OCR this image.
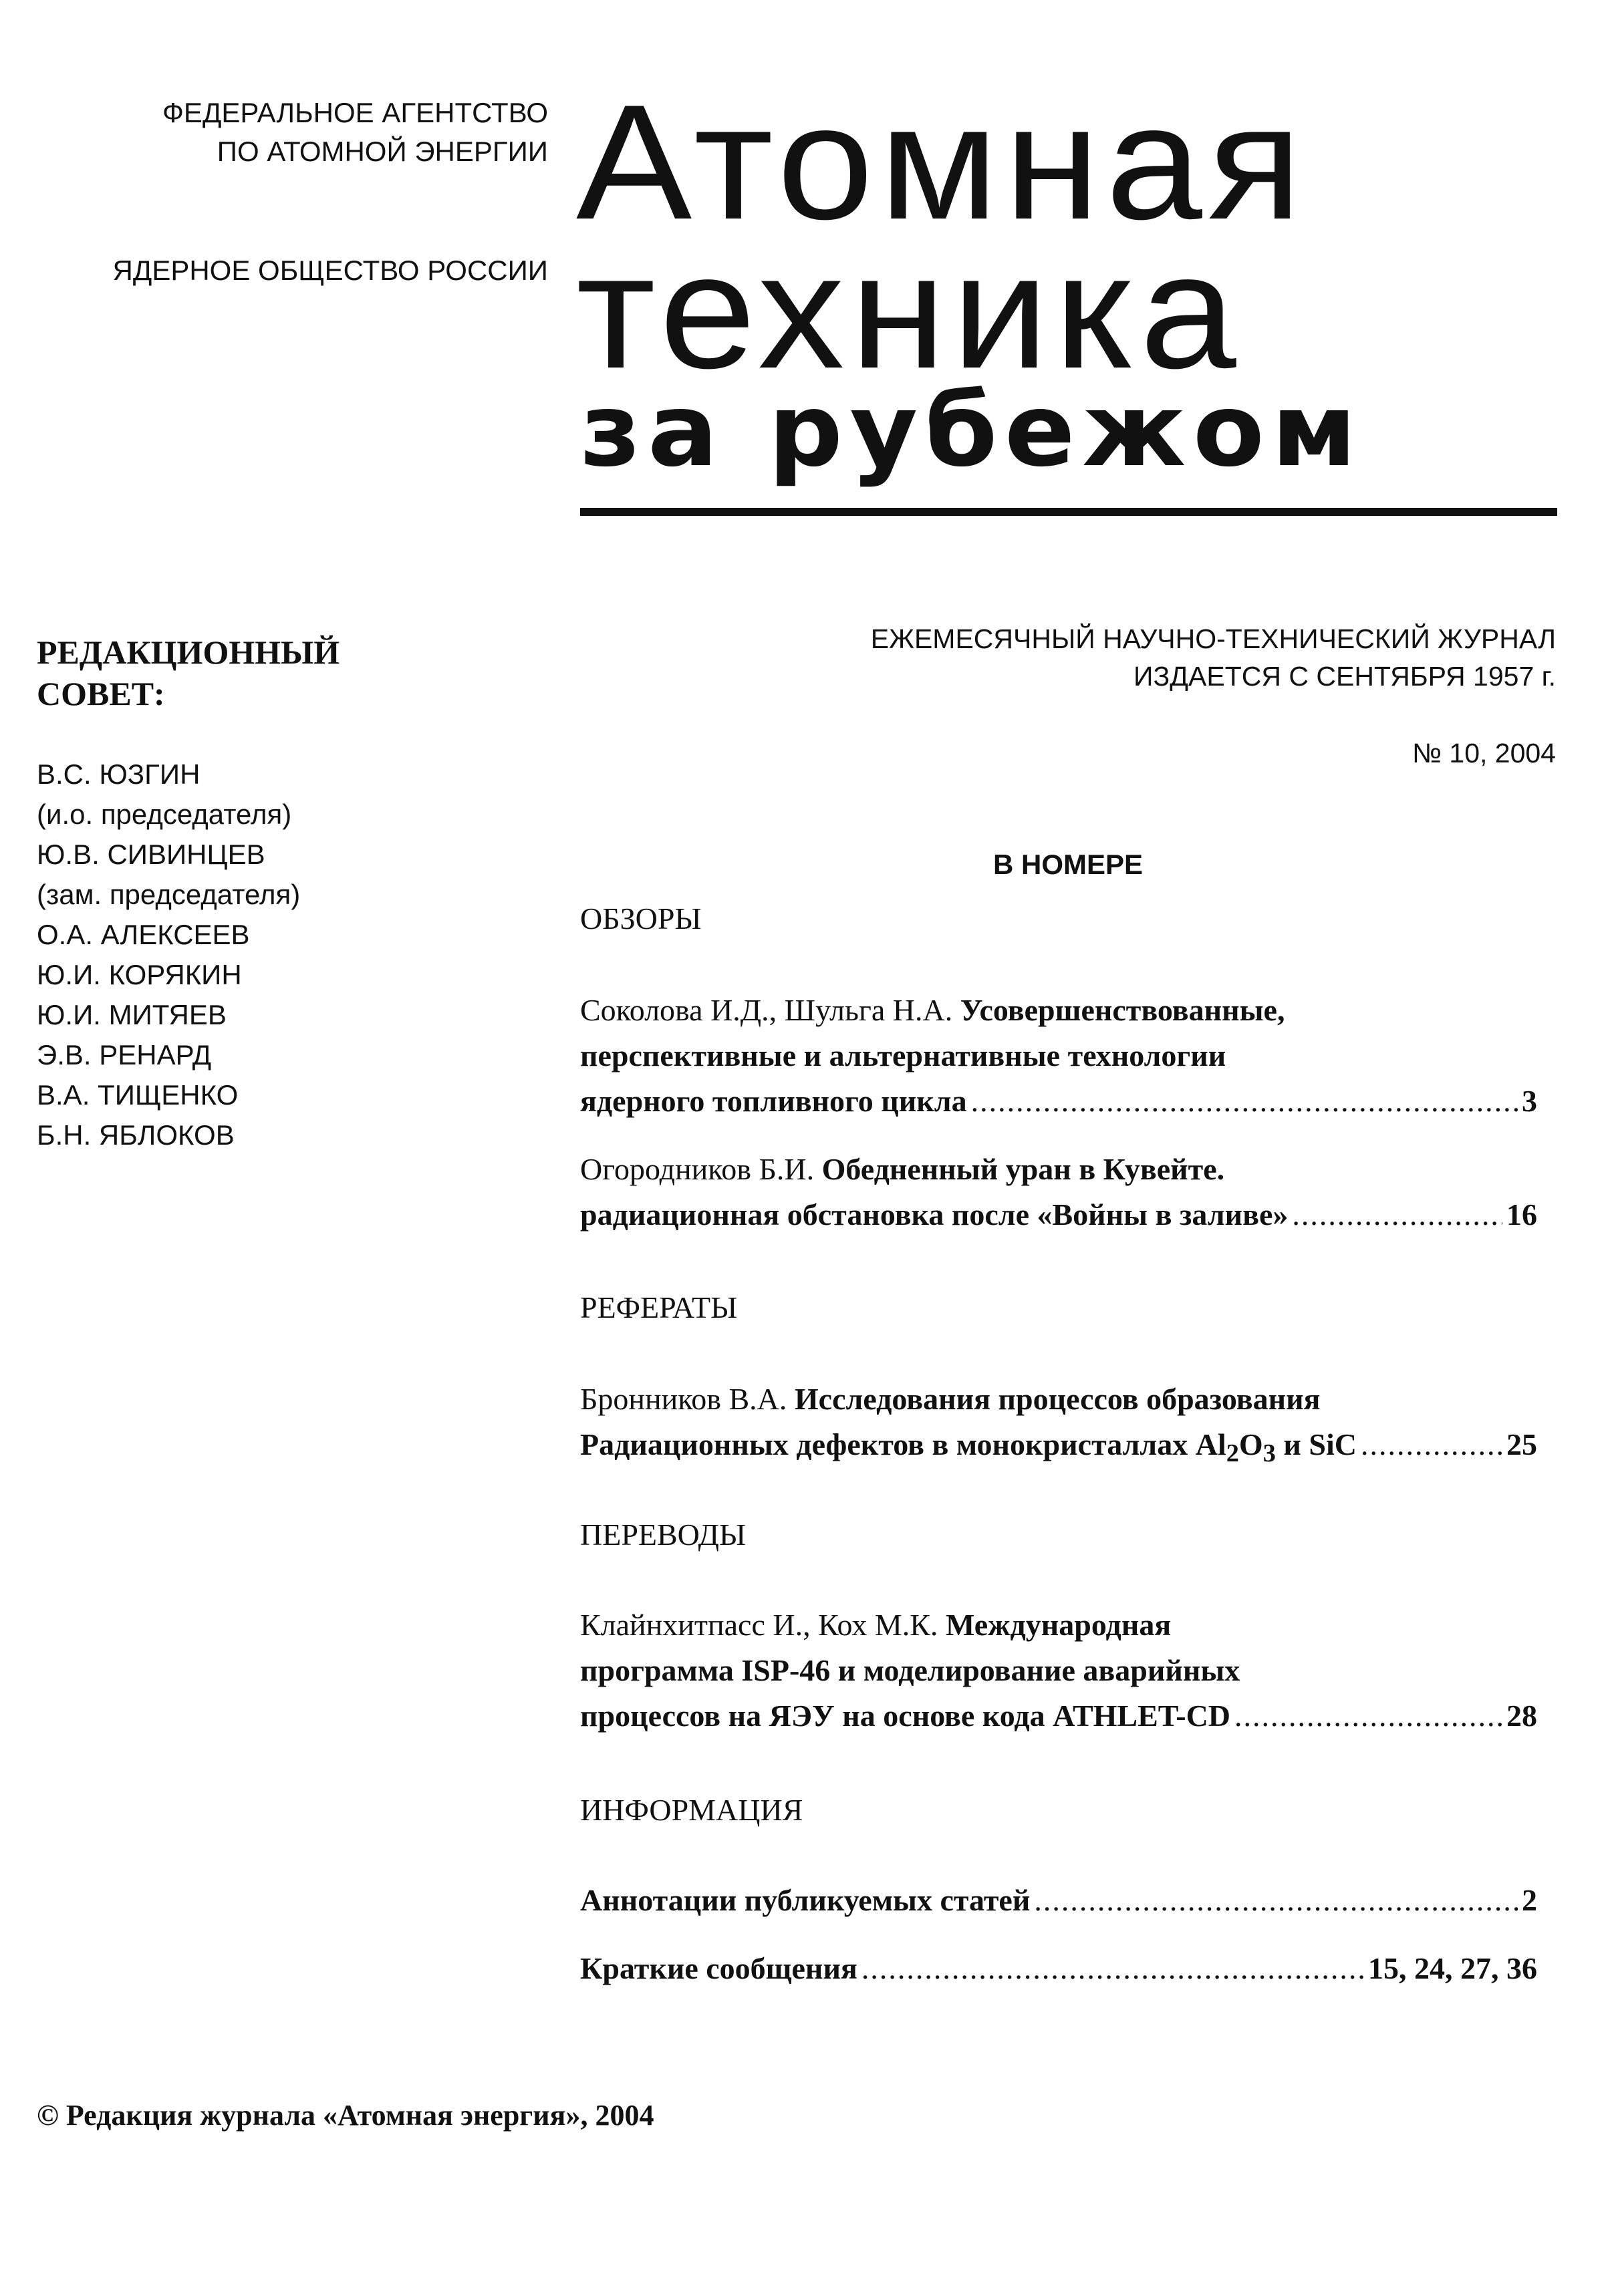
ФЕДЕРАЛЬНОЕ АГЕНТСТВО
ПО АТОМНОЙ ЭНЕРГИИ
ЯДЕРНОЕ ОБЩЕСТВО РОССИИ
Атомная
техника
за рубежом
РЕДАКЦИОННЫЙ
СОВЕТ:
В.С. ЮЗГИН
(и.о. председателя)
Ю.В. СИВИНЦЕВ
(зам. председателя)
О.А. АЛЕКСЕЕВ
Ю.И. КОРЯКИН
Ю.И. МИТЯЕВ
Э.В. РЕНАРД
В.А. ТИЩЕНКО
Б.Н. ЯБЛОКОВ
ЕЖЕМЕСЯЧНЫЙ НАУЧНО-ТЕХНИЧЕСКИЙ ЖУРНАЛ
ИЗДАЕТСЯ С СЕНТЯБРЯ 1957 г.
№ 10, 2004
В НОМЕРЕ
ОБЗОРЫ
Соколова И.Д., Шульга Н.А.
Усовершенствованные,
перспективные и альтернативные технологии
ядерного топливного цикла .....	3
Огородников Б.И.
Обедненный уран в Кувейте.
радиационная обстановка после «Войны в заливе» .....	16
РЕФЕРАТЫ
Бронников В.А.
Исследования процессов образования
Радиационных дефектов в монокристаллах $Al_2O_3$ и SiC .....	25
ПЕРЕВОДЫ
Клайнхитпасс И., Кох М.К.
Международная
программа ISP-46 и моделирование аварийных
процессов на ЯЭУ на основе кода ATHLET-CD .....	28
ИНФОРМАЦИЯ
Аннотации публикуемых статей .....	2
Краткие сообщения .....	15, 24, 27, 36
© Редакция журнала «Атомная энергия», 2004
